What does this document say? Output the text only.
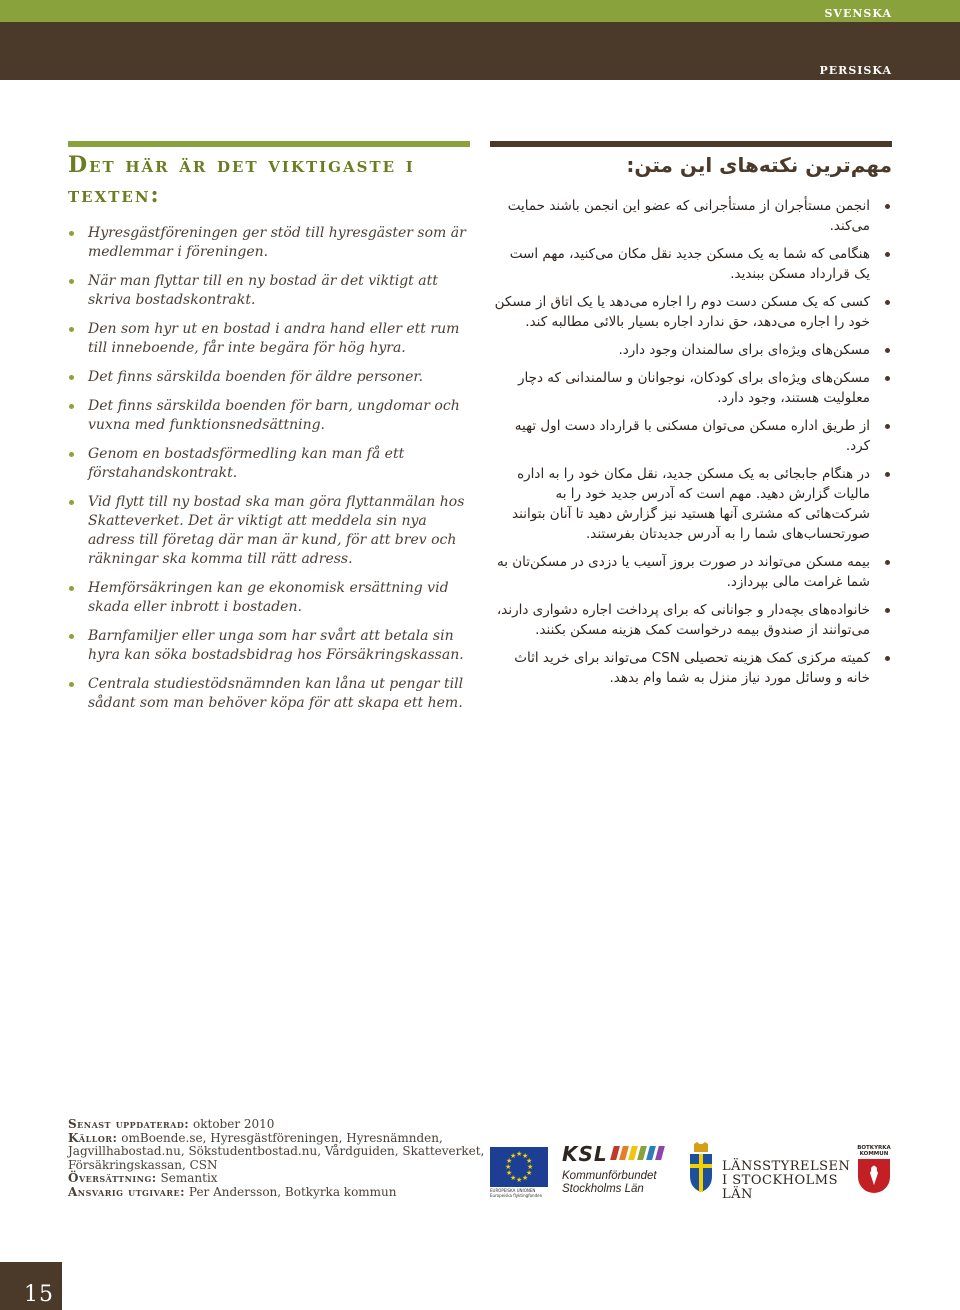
svenska
persiska
Det här är det viktigaste i texten:
Hyresgästföreningen ger stöd till hyresgäster som är medlemmar i föreningen.
När man flyttar till en ny bostad är det viktigt att skriva bostadskontrakt.
Den som hyr ut en bostad i andra hand eller ett rum till inneboende, får inte begära för hög hyra.
Det finns särskilda boenden för äldre personer.
Det finns särskilda boenden för barn, ungdomar och vuxna med funktionsnedsättning.
Genom en bostadsförmedling kan man få ett förstahandskontrakt.
Vid flytt till ny bostad ska man göra flyttanmälan hos Skatteverket. Det är viktigt att meddela sin nya adress till företag där man är kund, för att brev och räkningar ska komma till rätt adress.
Hemförsäkringen kan ge ekonomisk ersättning vid skada eller inbrott i bostaden.
Barnfamiljer eller unga som har svårt att betala sin hyra kan söka bostadsbidrag hos Försäkringskassan.
Centrala studiestödsnämnden kan låna ut pengar till sådant som man behöver köpa för att skapa ett hem.
مهم‌ترین نکته‌های این متن:
انجمن مستأجران از مستأجرانی که عضو این انجمن باشند حمایت می‌کند.
هنگامی که شما به یک مسکن جدید نقل مکان می‌کنید، مهم است یک قرارداد مسکن ببندید.
کسی که یک مسکن دست دوم را اجاره می‌دهد یا یک اتاق از مسکن خود را اجاره می‌دهد، حق ندارد اجاره بسیار بالائی مطالبه کند.
مسکن‌های ویژه‌ای برای سالمندان وجود دارد.
مسکن‌های ویژه‌ای برای کودکان، نوجوانان و سالمندانی که دچار معلولیت هستند، وجود دارد.
از طریق اداره مسکن می‌توان مسکنی با قرارداد دست اول تهیه کرد.
در هنگام جابجائی به یک مسکن جدید، نقل مکان خود را به اداره مالیات گزارش دهید. مهم است که آدرس جدید خود را به شرکت‌هائی که مشتری آنها هستید نیز گزارش دهید تا آنان بتوانند صورتحساب‌های شما را به آدرس جدیدتان بفرستند.
بیمه مسکن می‌تواند در صورت بروز آسیب یا دزدی در مسکن‌تان به شما غرامت مالی بپردازد.
خانواده‌های بچه‌دار و جوانانی که برای پرداخت اجاره دشواری دارند، می‌توانند از صندوق بیمه درخواست کمک هزینه مسکن بکنند.
کمیته مرکزی کمک هزینه تحصیلی CSN می‌تواند برای خرید اثاث خانه و وسائل مورد نیاز منزل به شما وام بدهد.
Senast uppdaterad: oktober 2010
Källor: omBoende.se, Hyresgästföreningen, Hyresnämnden, Jagvillhabostad.nu, Sökstudentbostad.nu, Vårdguiden, Skatteverket, Försäkringskassan, CSN
Översättning: Semantix
Ansvarig utgivare: Per Andersson, Botkyrka kommun
★ ★
★
★
★
★
★
★
★
★
★
★
EUROPEISKA UNIONEN Europeiska flyktingfonden
KSL
Kommunförbundet
Stockholms Län
LÄNSSTYRELSEN
I STOCKHOLMS LÄN
BOTKYRKA
KOMMUN
15
